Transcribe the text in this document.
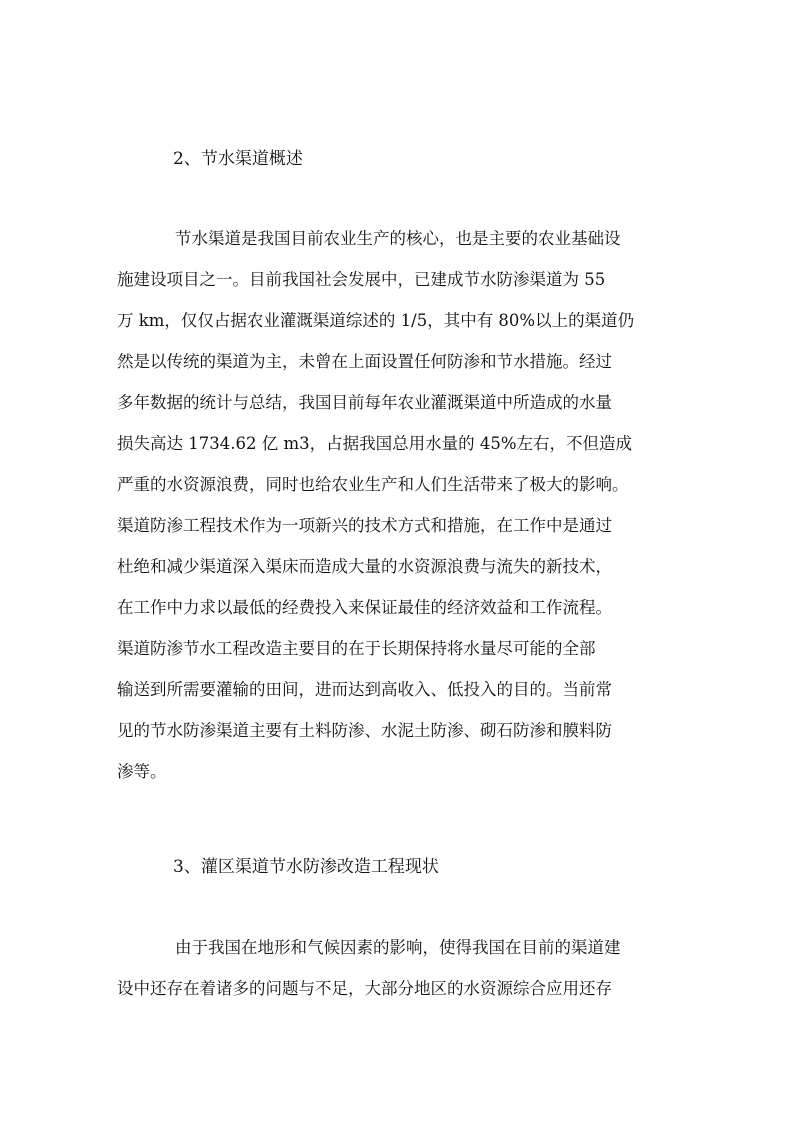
2、节水渠道概述
节水渠道是我国目前农业生产的核心，也是主要的农业基础设
施建设项目之一。目前我国社会发展中，已建成节水防渗渠道为 55
万 km，仅仅占据农业灌溉渠道综述的 1/5，其中有 80%以上的渠道仍
然是以传统的渠道为主，未曾在上面设置任何防渗和节水措施。经过
多年数据的统计与总结，我国目前每年农业灌溉渠道中所造成的水量
损失高达 1734.62 亿 m3，占据我国总用水量的 45%左右，不但造成
严重的水资源浪费，同时也给农业生产和人们生活带来了极大的影响。
渠道防渗工程技术作为一项新兴的技术方式和措施，在工作中是通过
杜绝和减少渠道深入渠床而造成大量的水资源浪费与流失的新技术，
在工作中力求以最低的经费投入来保证最佳的经济效益和工作流程。
渠道防渗节水工程改造主要目的在于长期保持将水量尽可能的全部
输送到所需要灌输的田间，进而达到高收入、低投入的目的。当前常
见的节水防渗渠道主要有土料防渗、水泥土防渗、砌石防渗和膜料防
渗等。
3、灌区渠道节水防渗改造工程现状
由于我国在地形和气候因素的影响，使得我国在目前的渠道建
设中还存在着诸多的问题与不足，大部分地区的水资源综合应用还存
